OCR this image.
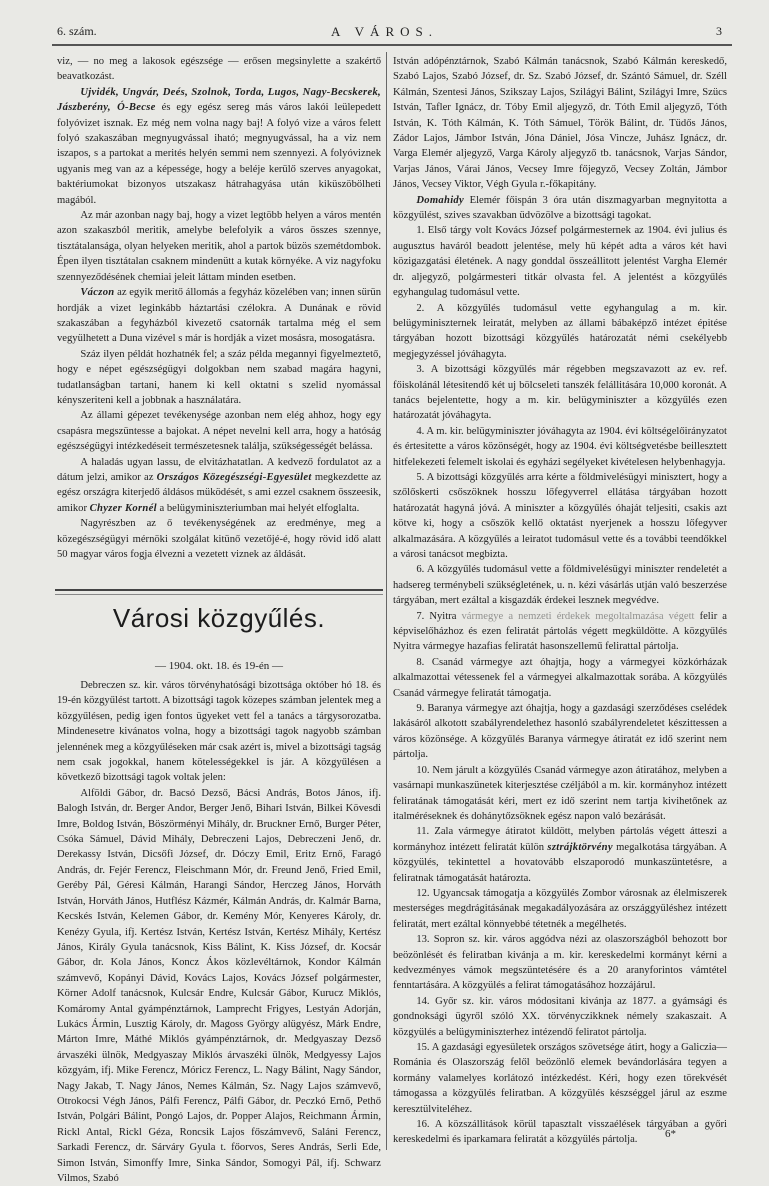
6. szám.	A VÁROS.	3

viz, — no meg a lakosok egészsége — erősen megsinylette a szakértő beavatkozást.

Ujvidék, Ungvár, Deés, Szolnok, Torda, Lugos, Nagy-Becskerek, Jászberény, Ó-Becse és egy egész sereg más város lakói leülepedett folyóvizet isznak. Ez még nem volna nagy baj! A folyó vize a város felett folyó szakaszában megnyugvással iható; megnyugvással, ha a viz nem iszapos, s a partokat a merités helyén semmi nem szennyezi. A folyóviznek ugyanis meg van az a képessége, hogy a beléje kerülő szerves anyagokat, baktériumokat bizonyos utszakasz hátrahagyása után kiküszöbölheti magából.

Az már azonban nagy baj, hogy a vizet legtöbb helyen a város mentén azon szakaszból meritik, amelybe belefolyik a város összes szennye, tisztátalansága, olyan helyeken meritik, ahol a partok büzös szemétdombok. Épen ilyen tisztátalan csaknem mindenütt a kutak környéke. A viz nagyfoku szennyeződésének chemiai jeleit láttam minden esetben.

Váczon az egyik meritő állomás a fegyház közelében van; innen sürün hordják a vizet leginkább háztartási czélokra. A Dunának e rövid szakaszában a fegyházból kivezető csatornák tartalma még el sem vegyülhetett a Duna vizével s már is hordják a vizet mosásra, mosogatásra.

Száz ilyen példát hozhatnék fel; a száz példa megannyi figyelmeztető, hogy e népet egészségügyi dolgokban nem szabad magára hagyni, tudatlanságban tartani, hanem ki kell oktatni s szelid nyomással kényszeriteni kell a jobbnak a használatára.

Az állami gépezet tevékenysége azonban nem elég ahhoz, hogy egy csapásra megszüntesse a bajokat. A népet nevelni kell arra, hogy a hatóság egészségügyi intézkedéseit természetesnek találja, szükségességét belássa.

A haladás ugyan lassu, de elvitázhatatlan. A kedvező fordulatot az a dátum jelzi, amikor az Országos Közegészségi-Egyesület megkezdette az egész országra kiterjedő áldásos müködését, s ami ezzel csaknem összeesik, amikor Chyzer Kornél a belügyminiszteriumban mai helyét elfoglalta.

Nagyrészben az ő tevékenységének az eredménye, meg a közegészségügyi mérnöki szolgálat kitünő vezetőjé-é, hogy rövid idő alatt 50 magyar város fogja élvezni a vezetett viznek az áldását.

Városi közgyűlés.
— 1904. okt. 18. és 19-én —

Debreczen sz. kir. város törvényhatósági bizottsága október hó 18. és 19-én közgyűlést tartott. A bizottsági tagok közepes számban jelentek meg a közgyűlésen, pedig igen fontos ügyeket vett fel a tanács a tárgysorozatba. Mindenesetre kivánatos volna, hogy a bizottsági tagok nagyobb számban jelennének meg a közgyűléseken már csak azért is, mivel a bizottsági tagság nem csak jogokkal, hanem kötelességekkel is jár. A közgyűlésen a következő bizottsági tagok voltak jelen:

Alföldi Gábor, dr. Bacsó Dezső, Bácsi András, Botos János, ifj. Balogh István, dr. Berger Andor, Berger Jenő, Bihari István, Bilkei Kövesdi Imre, Boldog István, Böszörményi Mihály, dr. Bruckner Ernő, Burger Péter, Csóka Sámuel, Dávid Mihály, Debreczeni Lajos, Debreczeni Jenő, dr. Derekassy István, Dicsőfi József, dr. Dóczy Emil, Eritz Ernő, Faragó András, dr. Fejér Ferencz, Fleischmann Mór, dr. Freund Jenő, Fried Emil, Geréby Pál, Géresi Kálmán, Harangi Sándor, Herczeg János, Horváth István, Horváth János, Hutflész Kázmér, Kálmán András, dr. Kalmár Barna, Kecskés István, Kelemen Gábor, dr. Kemény Mór, Kenyeres Károly, dr. Kenézy Gyula, ifj. Kertész István, Kertész István, Kertész Mihály, Kertész János, Király Gyula tanácsnok, Kiss Bálint, K. Kiss József, dr. Kocsár Gábor, dr. Kola János, Koncz Ákos közlevéltárnok, Kondor Kálmán számvevő, Kopányi Dávid, Kovács Lajos, Kovács József polgármester, Körner Adolf tanácsnok, Kulcsár Endre, Kulcsár Gábor, Kurucz Miklós, Komáromy Antal gyámpénztárnok, Lamprecht Frigyes, Lestyán Adorján, Lukács Ármin, Lusztig Károly, dr. Magoss György alügyész, Márk Endre, Márton Imre, Máthé Miklós gyámpénztárnok, dr. Medgyaszay Dezső árvaszéki ülnök, Medgyaszay Miklós árvaszéki ülnök, Medgyessy Lajos közgyám, ifj. Mike Ferencz, Móricz Ferencz, L. Nagy Bálint, Nagy Sándor, Nagy Jakab, T. Nagy János, Nemes Kálmán, Sz. Nagy Lajos számvevő, Otrokocsi Végh János, Pálfi Ferencz, Pálfi Gábor, dr. Peczkó Ernő, Pethő István, Polgári Bálint, Pongó Lajos, dr. Popper Alajos, Reichmann Ármin, Rickl Antal, Rickl Géza, Roncsik Lajos főszámvevő, Saláni Ferencz, Sarkadi Ferencz, dr. Sárváry Gyula t. főorvos, Seres András, Serli Ede, Simon István, Simonffy Imre, Sinka Sándor, Somogyi Pál, ifj. Schwarz Vilmos, Szabó

István adópénztárnok, Szabó Kálmán tanácsnok, Szabó Kálmán kereskedő, Szabó Lajos, Szabó József, dr. Sz. Szabó József, dr. Szántó Sámuel, dr. Széll Kálmán, Szentesi János, Szikszay Lajos, Szilágyi Bálint, Szilágyi Imre, Szücs István, Tafler Ignácz, dr. Tóby Emil aljegyző, dr. Tóth Emil aljegyző, Tóth István, K. Tóth Kálmán, K. Tóth Sámuel, Török Bálint, dr. Tüdős János, Zádor Lajos, Jámbor István, Jóna Dániel, Jósa Vincze, Juhász Ignácz, dr. Varga Elemér aljegyző, Varga Károly aljegyző tb. tanácsnok, Varjas Sándor, Varjas János, Várai János, Vecsey Imre főjegyző, Vecsey Zoltán, Jámbor János, Vecsey Viktor, Végh Gyula r.-főkapitány.

Domahidy Elemér főispán 3 óra után diszmagyarban megnyitotta a közgyűlést, szives szavakban üdvözölve a bizottsági tagokat.

1. Első tárgy volt Kovács József polgármesternek az 1904. évi julius és augusztus haváról beadott jelentése, mely hü képét adta a város két havi közigazgatási életének. A nagy gonddal összeállitott jelentést Vargha Elemér dr. aljegyző, polgármesteri titkár olvasta fel. A jelentést a közgyűlés egyhangulag tudomásul vette.

2. A közgyűlés tudomásul vette egyhangulag a m. kir. belügyminiszternek leiratát, melyben az állami bábaképző intézet épitése tárgyában hozott bizottsági közgyűlés határozatát némi csekélyebb megjegyzéssel jóváhagyta.

3. A bizottsági közgyűlés már régebben megszavazott az ev. ref. főiskolánál létesitendő két uj bölcseleti tanszék felállitására 10,000 koronát. A tanács bejelentette, hogy a m. kir. belügyminiszter a közgyűlés ezen határozatát jóváhagyta.

4. A m. kir. belügyminiszter jóváhagyta az 1904. évi költségelőirányzatot és értesitette a város közönségét, hogy az 1904. évi költségvetésbe beillesztett hitfelekezeti felemelt iskolai és egyházi segélyeket kivételesen helybenhagyja.

5. A bizottsági közgyűlés arra kérte a földmivelésügyi minisztert, hogy a szőlőskerti csőszöknek hosszu lőfegyverrel ellátása tárgyában hozott határozatát hagyná jóvá. A miniszter a közgyűlés óhaját teljesiti, csakis azt kötve ki, hogy a csőszök kellő oktatást nyerjenek a hosszu lőfegyver alkalmazására. A közgyűlés a leiratot tudomásul vette és a további teendőkkel a városi tanácsot megbizta.

6. A közgyűlés tudomásul vette a földmivelésügyi miniszter rendeletét a hadsereg terménybeli szükségletének, u. n. kézi vásárlás utján való beszerzése tárgyában, mert ezáltal a kisgazdák érdekei lesznek megvédve.

7. Nyitra vármegye a nemzeti érdekek megoltalmazása végett felir a képviselőházhoz és ezen feliratát pártolás végett megküldötte. A közgyűlés Nyitra vármegye hazafias feliratát hasonszellemű felirattal pártolja.

8. Csanád vármegye azt óhajtja, hogy a vármegyei közkórházak alkalmazottai vétessenek fel a vármegyei alkalmazottak sorába. A közgyülés Csanád vármegye feliratát támogatja.

9. Baranya vármegye azt óhajtja, hogy a gazdasági szerződéses cselédek lakásáról alkotott szabályrendelethez hasonló szabályrendeletet készittessen a város közönsége. A közgyűlés Baranya vármegye átiratát ez idő szerint nem pártolja.

10. Nem járult a közgyülés Csanád vármegye azon átiratához, melyben a vasárnapi munkaszünetek kiterjesztése czéljából a m. kir. kormányhoz intézett feliratának támogatását kéri, mert ez idő szerint nem tartja kivihetőnek az italméréseknek és dohánytőzsöknek egész napon való bezárását.

11. Zala vármegye átiratot küldött, melyben pártolás végett átteszi a kormányhoz intézett feliratát külön sztrájktörvény megalkotása tárgyában. A közgyülés, tekintettel a hovatovább elszaporodó munkaszüntetésre, a feliratnak támogatását határozta.

12. Ugyancsak támogatja a közgyülés Zombor városnak az élelmiszerek mesterséges megdrágitásának megakadályozására az országgyüléshez intézett feliratát, mert ezáltal könnyebbé tétetnék a megélhetés.

13. Sopron sz. kir. város aggódva nézi az olaszországból behozott bor beözönlését és feliratban kivánja a m. kir. kereskedelmi kormányt kérni a kedvezményes vámok megszüntetésére és a 20 aranyforintos vámtétel fenntartására. A közgyülés a felirat támogatásához hozzájárul.

14. Győr sz. kir. város módositani kivánja az 1877. a gyámsági és gondnoksági ügyről szóló XX. törvényczikknek némely szakaszait. A közgyülés a belügyminiszterhez intézendő feliratot pártolja.

15. A gazdasági egyesületek országos szövetsége átirt, hogy a Galiczia—Románia és Olaszország felől beözönlő elemek bevándorlására tegyen a kormány valamelyes korlátozó intézkedést. Kéri, hogy ezen törekvését támogassa a közgyülés feliratban. A közgyülés készséggel járul az eszme keresztülviteléhez.

16. A közszállitások körül tapasztalt visszaélések tárgyában a győri kereskedelmi és iparkamara feliratát a közgyülés pártolja.	6*
